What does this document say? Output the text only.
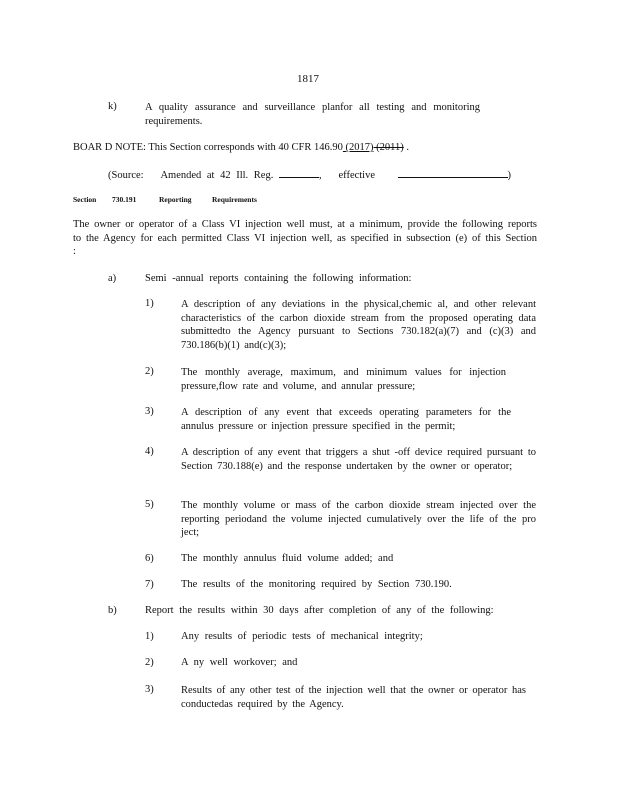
1817
k)	A quality assurance and surveillance planfor all testing and monitoring requirements.
BOAR D NOTE: This Section corresponds with 40 CFR 146.90 (2017) (2011) .
(Source: Amended at 42 Ill. Reg.	, effective	)
Section 730.191	Reporting	Requirements
The owner or operator of a Class VI injection well must, at a minimum, provide the following reports to the Agency for each permitted Class VI injection well, as specified in subsection (e) of this Section :
a)	Semi -annual reports containing the following information:
1)	A description of any deviations in the physical,chemic al, and other relevant characteristics of the carbon dioxide stream from the proposed operating data submittedto the Agency pursuant to Sections 730.182(a)(7) and (c)(3) and 730.186(b)(1) and(c)(3);
2)	The monthly average, maximum, and minimum values for injection pressure,flow rate and volume, and annular pressure;
3)	A description of any event that exceeds operating parameters for the annulus pressure or injection pressure specified in the permit;
4)	A description of any event that triggers a shut -off device required pursuant to Section 730.188(e) and the response undertaken by the owner or operator;
5)	The monthly volume or mass of the carbon dioxide stream injected over the reporting periodand the volume injected cumulatively over the life of the pro ject;
6)	The monthly annulus fluid volume added; and
7)	The results of the monitoring required by Section 730.190.
b)	Report the results within 30 days after completion of any of the following:
1)	Any results of periodic tests of mechanical integrity;
2)	A ny well workover; and
3)	Results of any other test of the injection well that the owner or operator has conductedas required by the Agency.
